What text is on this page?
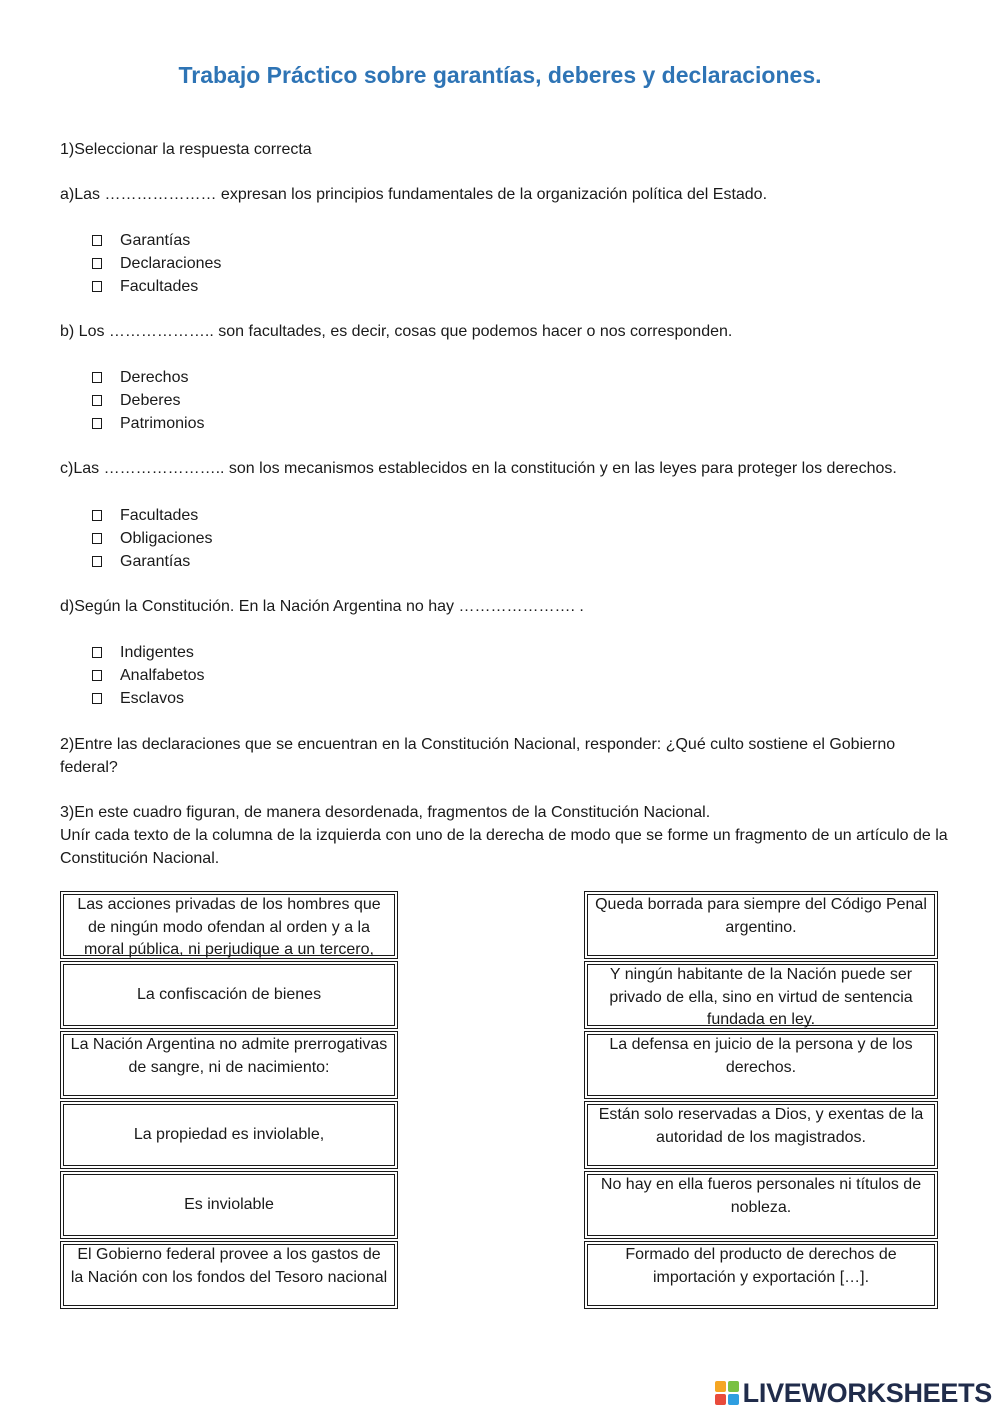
Trabajo Práctico sobre garantías, deberes y declaraciones.
1)Seleccionar la respuesta correcta
a)Las ………………… expresan los principios fundamentales de la organización política del Estado.
Garantías
Declaraciones
Facultades
b) Los ……………….. son facultades, es decir, cosas que podemos hacer o nos corresponden.
Derechos
Deberes
Patrimonios
c)Las ………………….. son los mecanismos establecidos en la constitución y en las leyes para proteger los derechos.
Facultades
Obligaciones
Garantías
d)Según la Constitución. En la Nación Argentina no hay …………………. .
Indigentes
Analfabetos
Esclavos
2)Entre las declaraciones que se encuentran en la Constitución Nacional, responder: ¿Qué culto sostiene el Gobierno federal?
3)En este cuadro figuran, de manera desordenada, fragmentos de la Constitución Nacional.
Unír cada texto de la columna de la izquierda con uno de la derecha de modo que se forme un fragmento de un artículo de la Constitución Nacional.
Las acciones privadas de los hombres que de ningún modo ofendan al orden y a la moral pública, ni perjudique a un tercero,
La confiscación de bienes
La Nación Argentina no admite prerrogativas de sangre, ni de nacimiento:
La propiedad es inviolable,
Es inviolable
El Gobierno federal provee a los gastos de la Nación con los fondos del Tesoro nacional
Queda borrada para siempre del Código Penal argentino.
Y ningún habitante de la Nación puede ser privado de ella, sino en virtud de sentencia fundada en ley.
La defensa en juicio de la persona y de los derechos.
Están solo reservadas a Dios, y exentas de la autoridad de los magistrados.
No hay en ella fueros personales ni títulos de nobleza.
Formado del producto de derechos de importación y exportación […].
LIVEWORKSHEETS
